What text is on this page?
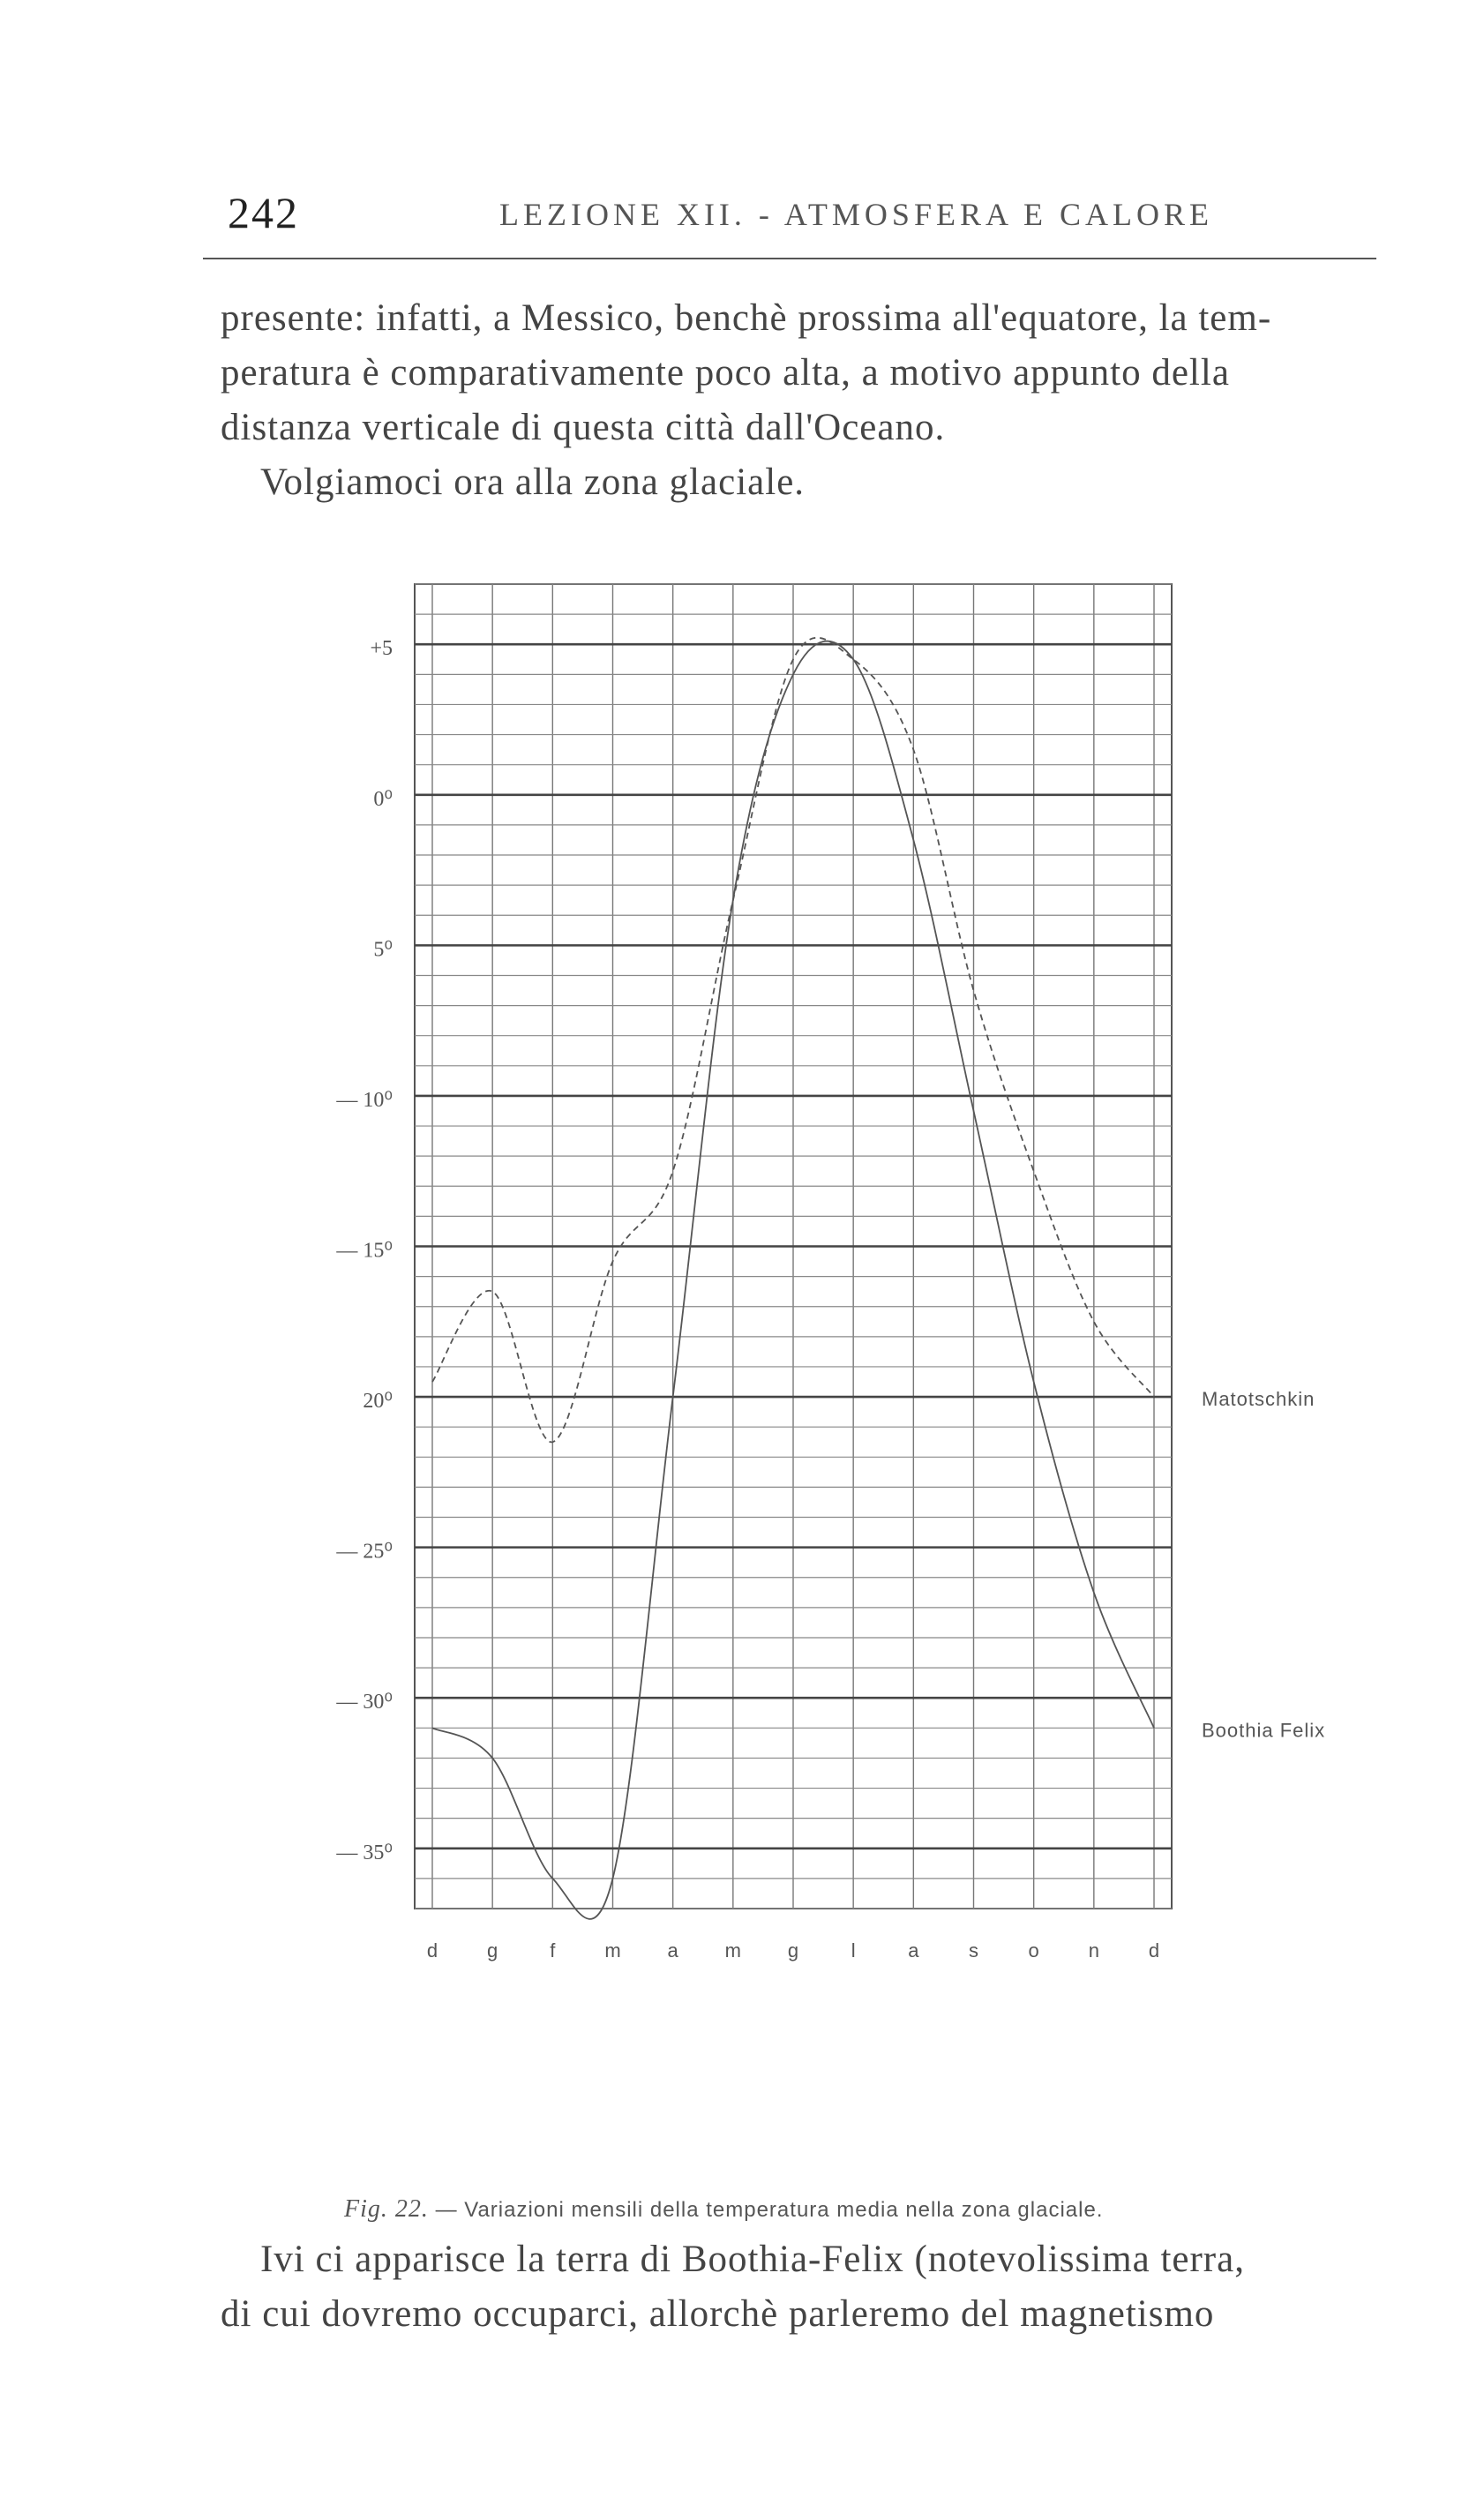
242	LEZIONE XII. - ATMOSFERA E CALORE
presente: infatti, a Messico, benchè prossima all'equatore, la tem-
peratura è comparativamente poco alta, a motivo appunto della
distanza verticale di questa città dall'Oceano.
Volgiamoci ora alla zona glaciale.
+5
0⁰
5⁰
— 10⁰
— 15⁰
20⁰
— 25⁰
— 30⁰
— 35⁰
d	g	f	m a m g	l	a	s	o	n	d
Matotschkin
Boothia Felix
Fig. 22. — Variazioni mensili della temperatura media nella zona glaciale.
Ivi ci apparisce la terra di Boothia-Felix (notevolissima terra,
di cui dovremo occuparci, allorchè parleremo del magnetismo
